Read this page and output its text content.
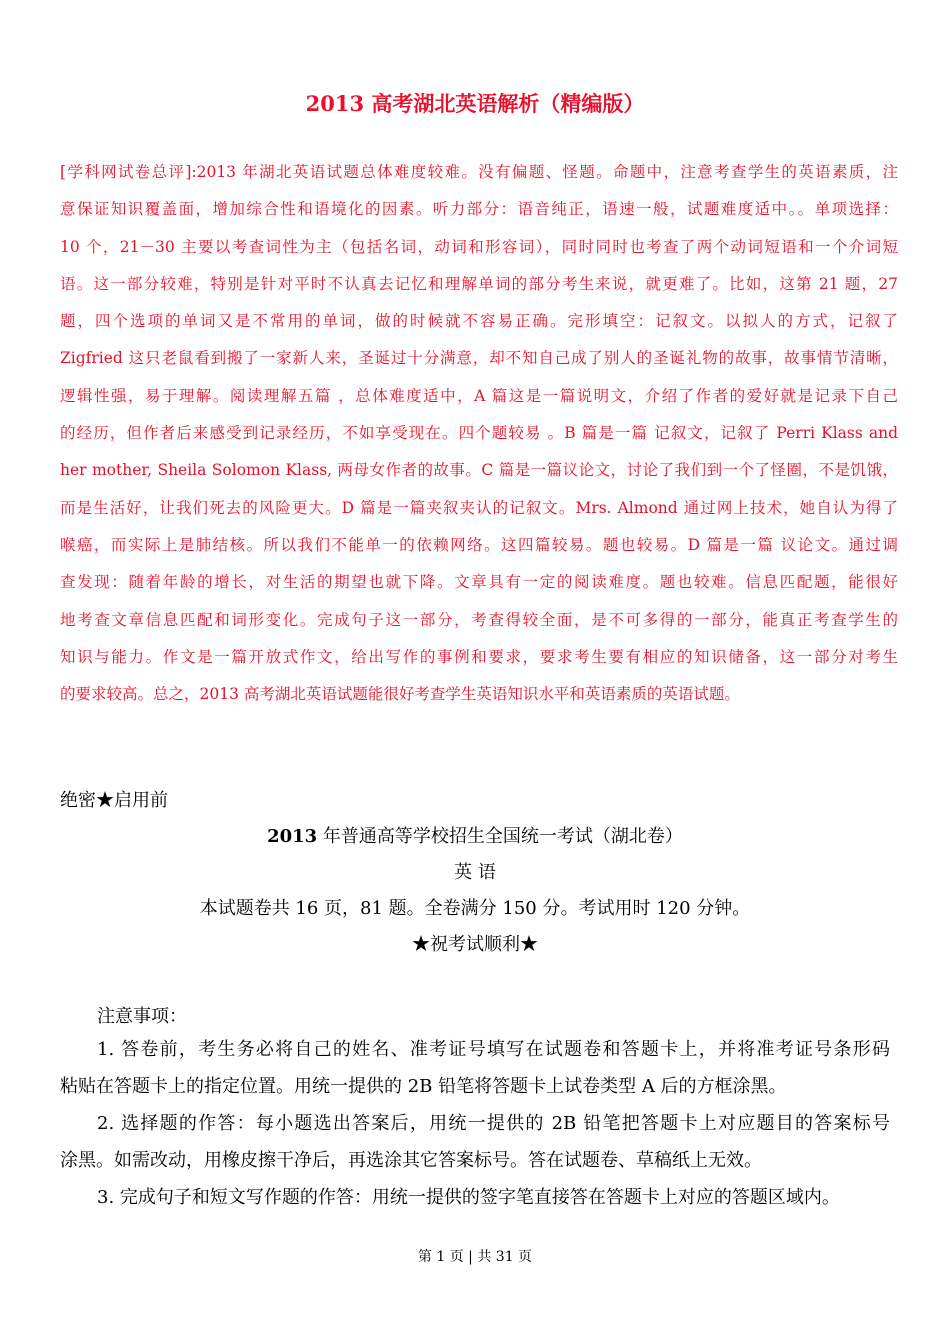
2013 高考湖北英语解析（精编版）
[学科网试卷总评]:2013 年湖北英语试题总体难度较难。没有偏题、怪题。命题中，注意考查学生的英语素质，注
意保证知识覆盖面，增加综合性和语境化的因素。听力部分：语音纯正，语速一般，试题难度适中。。单项选择：
10 个，21－30 主要以考查词性为主（包括名词，动词和形容词），同时同时也考查了两个动词短语和一个介词短
语。这一部分较难，特别是针对平时不认真去记忆和理解单词的部分考生来说，就更难了。比如，这第 21 题，27
题，四个选项的单词又是不常用的单词，做的时候就不容易正确。完形填空：记叙文。以拟人的方式，记叙了
Zigfried 这只老鼠看到搬了一家新人来，圣诞过十分满意，却不知自己成了别人的圣诞礼物的故事，故事情节清晰，
逻辑性强，易于理解。阅读理解五篇 ，总体难度适中，A 篇这是一篇说明文，介绍了作者的爱好就是记录下自己
的经历，但作者后来感受到记录经历，不如享受现在。四个题较易 。B 篇是一篇 记叙文，记叙了 Perri Klass and
her mother, Sheila Solomon Klass, 两母女作者的故事。C 篇是一篇议论文，讨论了我们到一个了怪圈，不是饥饿，
而是生活好，让我们死去的风险更大。D 篇是一篇夹叙夹认的记叙文。Mrs. Almond 通过网上技术，她自认为得了
喉癌，而实际上是肺结核。所以我们不能单一的依赖网络。这四篇较易。题也较易。D 篇是一篇 议论文。通过调
查发现：随着年龄的增长，对生活的期望也就下降。文章具有一定的阅读难度。题也较难。信息匹配题，能很好
地考查文章信息匹配和词形变化。完成句子这一部分，考查得较全面，是不可多得的一部分，能真正考查学生的
知识与能力。作文是一篇开放式作文，给出写作的事例和要求，要求考生要有相应的知识储备，这一部分对考生
的要求较高。总之，2013 高考湖北英语试题能很好考查学生英语知识水平和英语素质的英语试题。
绝密★启用前
2013 年普通高等学校招生全国统一考试（湖北卷）
英 语
本试题卷共 16 页，81 题。全卷满分 150 分。考试用时 120 分钟。
★祝考试顺利★
注意事项：
1. 答卷前，考生务必将自己的姓名、准考证号填写在试题卷和答题卡上，并将准考证号条形码
粘贴在答题卡上的指定位置。用统一提供的 2B 铅笔将答题卡上试卷类型 A 后的方框涂黑。
2. 选择题的作答：每小题选出答案后，用统一提供的 2B 铅笔把答题卡上对应题目的答案标号
涂黑。如需改动，用橡皮擦干净后，再选涂其它答案标号。答在试题卷、草稿纸上无效。
3. 完成句子和短文写作题的作答：用统一提供的签字笔直接答在答题卡上对应的答题区域内。
第 1 页 | 共 31 页
